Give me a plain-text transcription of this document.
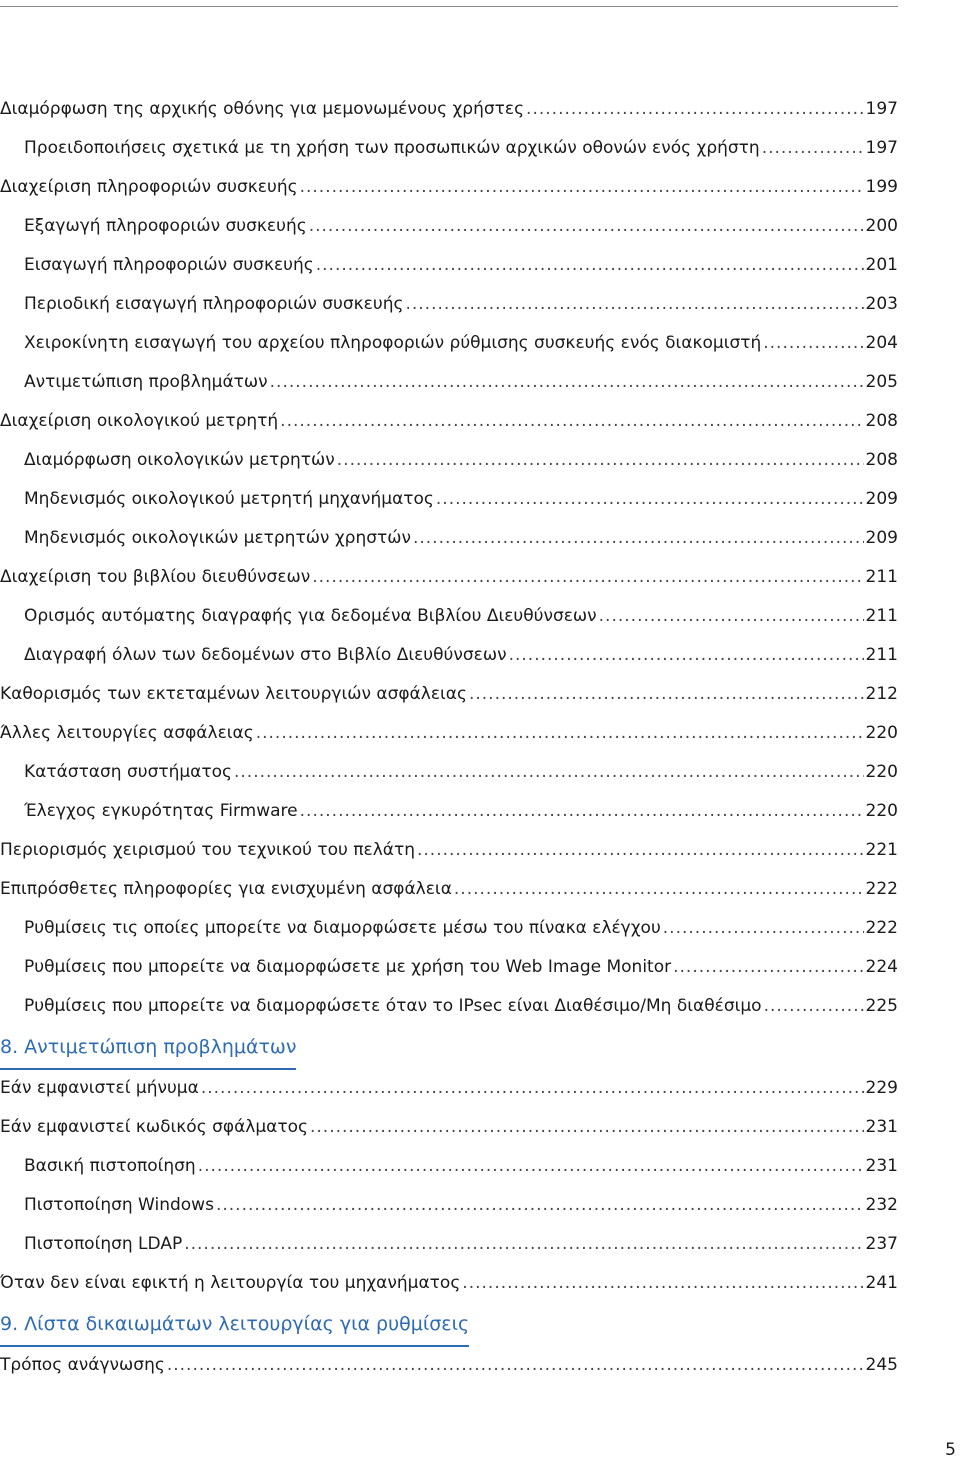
Διαμόρφωση της αρχικής οθόνης για μεμονωμένους χρήστες .....	197
Προειδοποιήσεις σχετικά με τη χρήση των προσωπικών αρχικών οθονών ενός χρήστη .....	197
Διαχείριση πληροφοριών συσκευής .....	199
Εξαγωγή πληροφοριών συσκευής .....	200
Εισαγωγή πληροφοριών συσκευής .....	201
Περιοδική εισαγωγή πληροφοριών συσκευής .....	203
Χειροκίνητη εισαγωγή του αρχείου πληροφοριών ρύθμισης συσκευής ενός διακομιστή .....	204
Αντιμετώπιση προβλημάτων .....	205
Διαχείριση οικολογικού μετρητή .....	208
Διαμόρφωση οικολογικών μετρητών .....	208
Μηδενισμός οικολογικού μετρητή μηχανήματος .....	209
Μηδενισμός οικολογικών μετρητών χρηστών .....	209
Διαχείριση του βιβλίου διευθύνσεων .....	211
Ορισμός αυτόματης διαγραφής για δεδομένα Βιβλίου Διευθύνσεων .....	211
Διαγραφή όλων των δεδομένων στο Βιβλίο Διευθύνσεων .....	211
Καθορισμός των εκτεταμένων λειτουργιών ασφάλειας .....	212
Άλλες λειτουργίες ασφάλειας .....	220
Κατάσταση συστήματος .....	220
Έλεγχος εγκυρότητας Firmware .....	220
Περιορισμός χειρισμού του τεχνικού του πελάτη .....	221
Επιπρόσθετες πληροφορίες για ενισχυμένη ασφάλεια .....	222
Ρυθμίσεις τις οποίες μπορείτε να διαμορφώσετε μέσω του πίνακα ελέγχου .....	222
Ρυθμίσεις που μπορείτε να διαμορφώσετε με χρήση του Web Image Monitor .....	224
Ρυθμίσεις που μπορείτε να διαμορφώσετε όταν το IPsec είναι Διαθέσιμο/Μη διαθέσιμο .....	225
8. Αντιμετώπιση προβλημάτων
Εάν εμφανιστεί μήνυμα .....	229
Εάν εμφανιστεί κωδικός σφάλματος .....	231
Βασική πιστοποίηση .....	231
Πιστοποίηση Windows .....	232
Πιστοποίηση LDAP .....	237
Όταν δεν είναι εφικτή η λειτουργία του μηχανήματος .....	241
9. Λίστα δικαιωμάτων λειτουργίας για ρυθμίσεις
Τρόπος ανάγνωσης .....	245
5
